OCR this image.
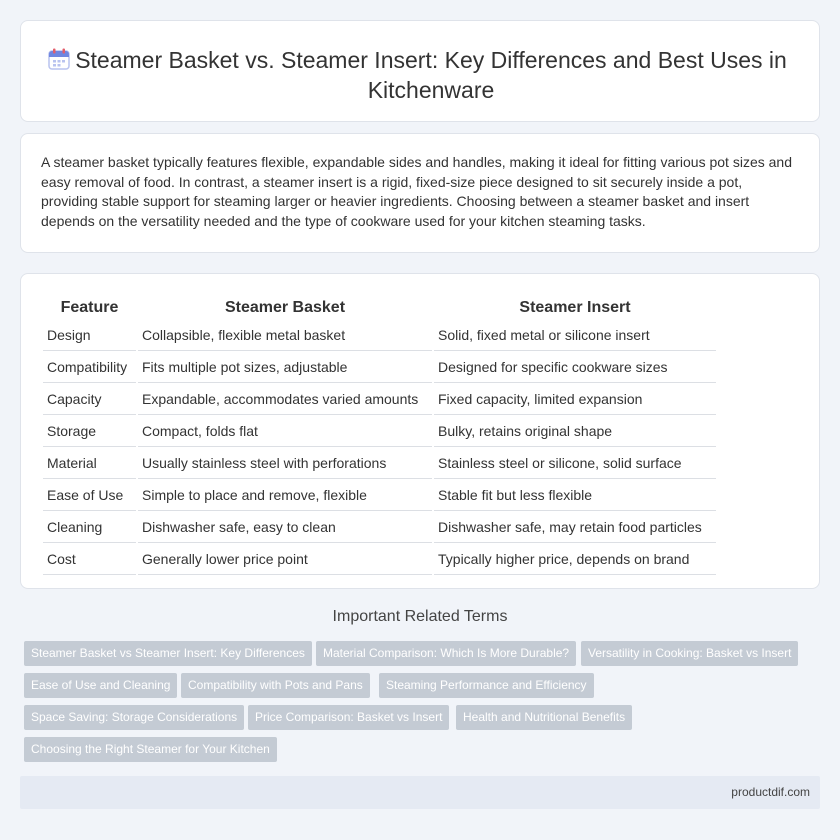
Steamer Basket vs. Steamer Insert: Key Differences and Best Uses in Kitchenware

A steamer basket typically features flexible, expandable sides and handles, making it ideal for fitting various pot sizes and easy removal of food. In contrast, a steamer insert is a rigid, fixed-size piece designed to sit securely inside a pot, providing stable support for steaming larger or heavier ingredients. Choosing between a steamer basket and insert depends on the versatility needed and the type of cookware used for your kitchen steaming tasks.

Feature	Steamer Basket	Steamer Insert
Design	Collapsible, flexible metal basket	Solid, fixed metal or silicone insert
Compatibility	Fits multiple pot sizes, adjustable	Designed for specific cookware sizes
Capacity	Expandable, accommodates varied amounts	Fixed capacity, limited expansion
Storage	Compact, folds flat	Bulky, retains original shape
Material	Usually stainless steel with perforations	Stainless steel or silicone, solid surface
Ease of Use	Simple to place and remove, flexible	Stable fit but less flexible
Cleaning	Dishwasher safe, easy to clean	Dishwasher safe, may retain food particles
Cost	Generally lower price point	Typically higher price, depends on brand
Important Related Terms
Steamer Basket vs Steamer Insert: Key Differences	Material Comparison: Which Is More Durable?	Versatility in Cooking: Basket vs Insert
Ease of Use and Cleaning	Compatibility with Pots and Pans	Steaming Performance and Efficiency
Space Saving: Storage Considerations	Price Comparison: Basket vs Insert	Health and Nutritional Benefits
Choosing the Right Steamer for Your Kitchen
productdif.com
